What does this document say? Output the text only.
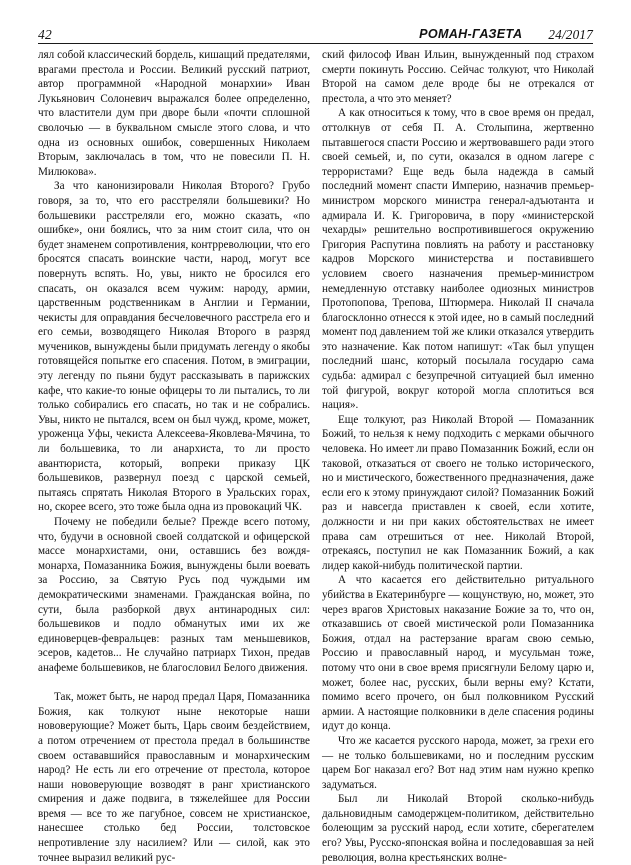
42	РОМАН-ГАЗЕТА 24/2017

лял собой классический бордель, кишащий предателями, врагами престола и России. Великий русский патриот, автор программной «Народной монархии» Иван Лукьянович Солоневич выражался более определенно, что властители дум при дворе были «почти сплошной сволочью — в буквальном смысле этого слова, и что одна из основных ошибок, совершенных Николаем Вторым, заключалась в том, что не повесили П. Н. Милюкова».

За что канонизировали Николая Второго? Грубо говоря, за то, что его расстреляли большевики? Но большевики расстреляли его, можно сказать, «по ошибке», они боялись, что за ним стоит сила, что он будет знаменем сопротивления, контрреволюции, что его бросятся спасать воинские части, народ, могут все повернуть вспять. Но, увы, никто не бросился его спасать, он оказался всем чужим: народу, армии, царственным родственникам в Англии и Германии, чекисты для оправдания бесчеловечного расстрела его и его семьи, возводящего Николая Второго в разряд мучеников, вынуждены были придумать легенду о якобы готовящейся попытке его спасения. Потом, в эмиграции, эту легенду по пьяни будут рассказывать в парижских кафе, что какие-то юные офицеры то ли пытались, то ли только собирались его спасать, но так и не собрались. Увы, никто не пытался, всем он был чужд, кроме, может, уроженца Уфы, чекиста Алексеева-Яковлева-Мячина, то ли большевика, то ли анархиста, то ли просто авантюриста, который, вопреки приказу ЦК большевиков, развернул поезд с царской семьей, пытаясь спрятать Николая Второго в Уральских горах, но, скорее всего, это тоже была одна из провокаций ЧК.

Почему не победили белые? Прежде всего потому, что, будучи в основной своей солдатской и офицерской массе монархистами, они, оставшись без вождя-монарха, Помазанника Божия, вынуждены были воевать за Россию, за Святую Русь под чуждыми им демократическими знаменами. Гражданская война, по сути, была разборкой двух антинародных сил: большевиков и подло обманутых ими их же единоверцев-февральцев: разных там меньшевиков, эсеров, кадетов... Не случайно патриарх Тихон, предав анафеме большевиков, не благословил Белого движения.

Так, может быть, не народ предал Царя, Помазанника Божия, как толкуют ныне некоторые наши нововерующие? Может быть, Царь своим бездействием, а потом отречением от престола предал в большинстве своем остававшийся православным и монархическим народ? Не есть ли его отречение от престола, которое наши нововерующие возводят в ранг христианского смирения и даже подвига, в тяжелейшее для России время — все то же пагубное, совсем не христианское, нанесшее столько бед России, толстовское непротивление злу насилием? Или — силой, как это точнее выразил великий рус-

ский философ Иван Ильин, вынужденный под страхом смерти покинуть Россию. Сейчас толкуют, что Николай Второй на самом деле вроде бы не отрекался от престола, а что это меняет?

А как относиться к тому, что в свое время он предал, оттолкнув от себя П. А. Столыпина, жертвенно пытавшегося спасти Россию и жертвовавшего ради этого своей семьей, и, по сути, оказался в одном лагере с террористами? Еще ведь была надежда в самый последний момент спасти Империю, назначив премьер-министром морского министра генерал-адъютанта и адмирала И. К. Григоровича, в пору «министерской чехарды» решительно воспротивившегося окружению Григория Распутина повлиять на работу и расстановку кадров Морского министерства и поставившего условием своего назначения премьер-министром немедленную отставку наиболее одиозных министров Протопопова, Трепова, Штюрмера. Николай II сначала благосклонно отнесся к этой идее, но в самый последний момент под давлением той же клики отказался утвердить это назначение. Как потом напишут: «Так был упущен последний шанс, который посылала государю сама судьба: адмирал с безупречной ситуацией был именно той фигурой, вокруг которой могла сплотиться вся нация».

Еще толкуют, раз Николай Второй — Помазанник Божий, то нельзя к нему подходить с мерками обычного человека. Но имеет ли право Помазанник Божий, если он таковой, отказаться от своего не только исторического, но и мистического, божественного предназначения, даже если его к этому принуждают силой? Помазанник Божий раз и навсегда приставлен к своей, если хотите, должности и ни при каких обстоятельствах не имеет права сам отрешиться от нее. Николай Второй, отрекаясь, поступил не как Помазанник Божий, а как лидер какой-нибудь политической партии.

А что касается его действительно ритуального убийства в Екатеринбурге — кощунствую, но, может, это через врагов Христовых наказание Божие за то, что он, отказавшись от своей мистической роли Помазанника Божия, отдал на растерзание врагам свою семью, Россию и православный народ, и мусульман тоже, потому что они в свое время присягнули Белому царю и, может, более нас, русских, были верны ему? Кстати, помимо всего прочего, он был полковником Русский армии. А настоящие полковники в деле спасения родины идут до конца.

Что же касается русского народа, может, за грехи его — не только большевиками, но и последним русским царем Бог наказал его? Вот над этим нам нужно крепко задуматься.

Был ли Николай Второй сколько-нибудь дальновидным самодержцем-политиком, действительно болеющим за русский народ, если хотите, сберегателем его? Увы, Русско-японская война и последовавшая за ней революция, волна крестьянских волне-
